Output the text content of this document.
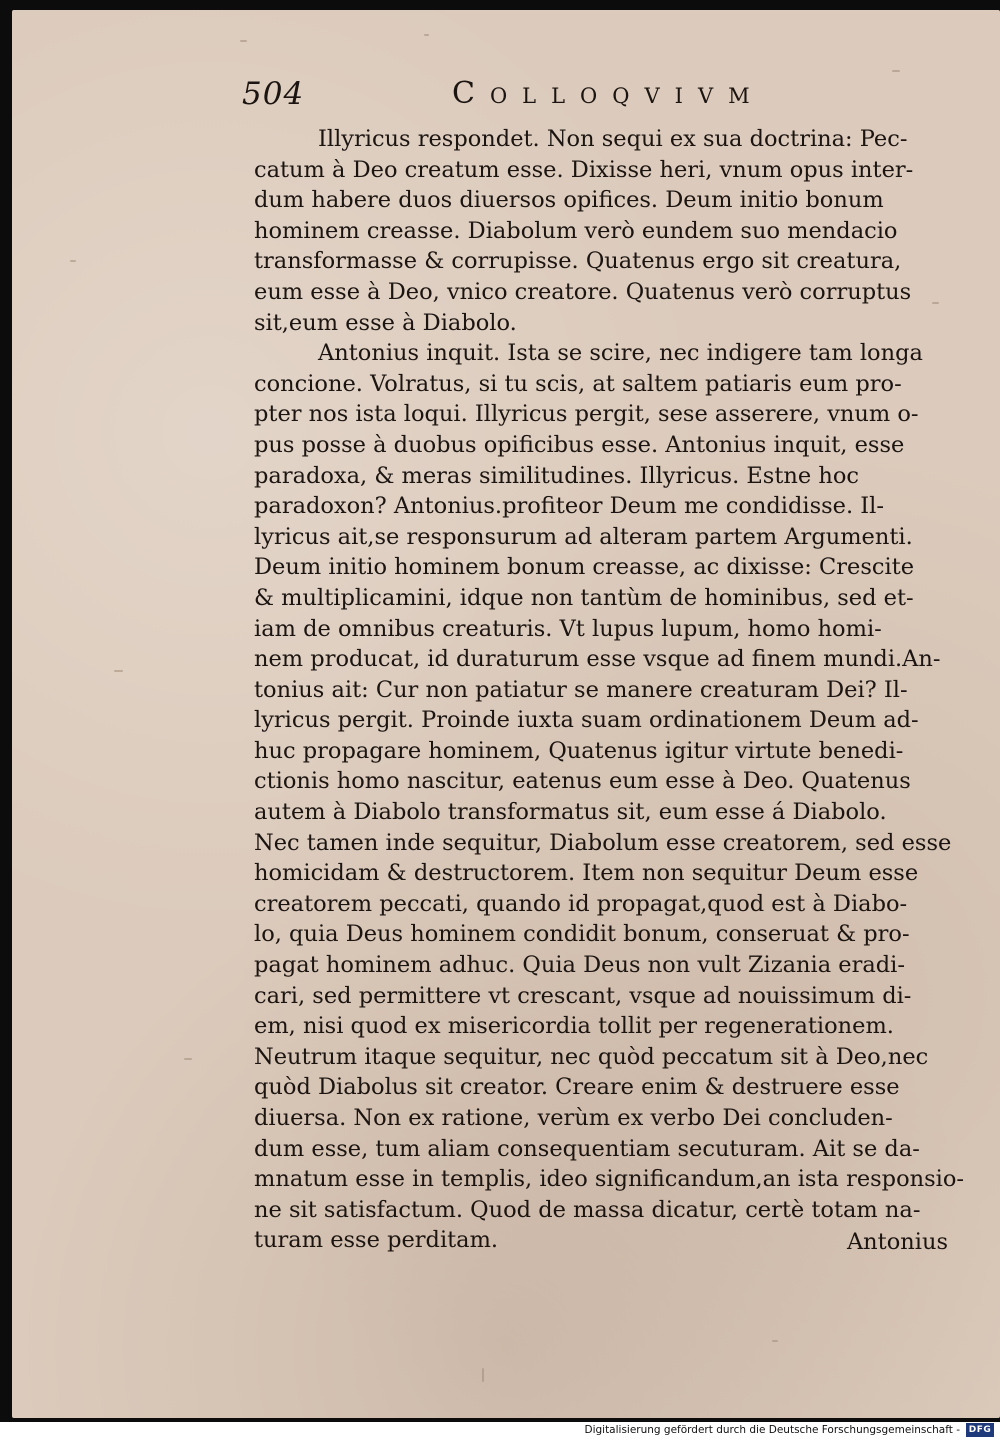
504	Colloqvivm
Illyricus respondet. Non sequi ex sua doctrina: Pec-
catum à Deo creatum esse. Dixisse heri, vnum opus inter-
dum habere duos diuersos opifices. Deum initio bonum
hominem creasse. Diabolum verò eundem suo mendacio
transformasse & corrupisse. Quatenus ergo sit creatura,
eum esse à Deo, vnico creatore. Quatenus verò corruptus
sit,eum esse à Diabolo.
Antonius inquit. Ista se scire, nec indigere tam longa
concione. Volratus, si tu scis, at saltem patiaris eum pro-
pter nos ista loqui. Illyricus pergit, sese asserere, vnum o-
pus posse à duobus opificibus esse. Antonius inquit, esse
paradoxa, & meras similitudines. Illyricus. Estne hoc
paradoxon? Antonius.profiteor Deum me condidisse. Il-
lyricus ait,se responsurum ad alteram partem Argumenti.
Deum initio hominem bonum creasse, ac dixisse: Crescite
& multiplicamini, idque non tantùm de hominibus, sed et-
iam de omnibus creaturis. Vt lupus lupum, homo homi-
nem producat, id duraturum esse vsque ad finem mundi.An-
tonius ait: Cur non patiatur se manere creaturam Dei? Il-
lyricus pergit. Proinde iuxta suam ordinationem Deum ad-
huc propagare hominem, Quatenus igitur virtute benedi-
ctionis homo nascitur, eatenus eum esse à Deo. Quatenus
autem à Diabolo transformatus sit, eum esse á Diabolo.
Nec tamen inde sequitur, Diabolum esse creatorem, sed esse
homicidam & destructorem. Item non sequitur Deum esse
creatorem peccati, quando id propagat,quod est à Diabo-
lo, quia Deus hominem condidit bonum, conseruat & pro-
pagat hominem adhuc. Quia Deus non vult Zizania eradi-
cari, sed permittere vt crescant, vsque ad nouissimum di-
em, nisi quod ex misericordia tollit per regenerationem.
Neutrum itaque sequitur, nec quòd peccatum sit à Deo,nec
quòd Diabolus sit creator. Creare enim & destruere esse
diuersa. Non ex ratione, verùm ex verbo Dei concluden-
dum esse, tum aliam consequentiam secuturam. Ait se da-
mnatum esse in templis, ideo significandum,an ista responsio-
ne sit satisfactum. Quod de massa dicatur, certè totam na-
turam esse perditam.	Antonius
Digitalisierung gefördert durch die Deutsche Forschungsgemeinschaft - DFG
